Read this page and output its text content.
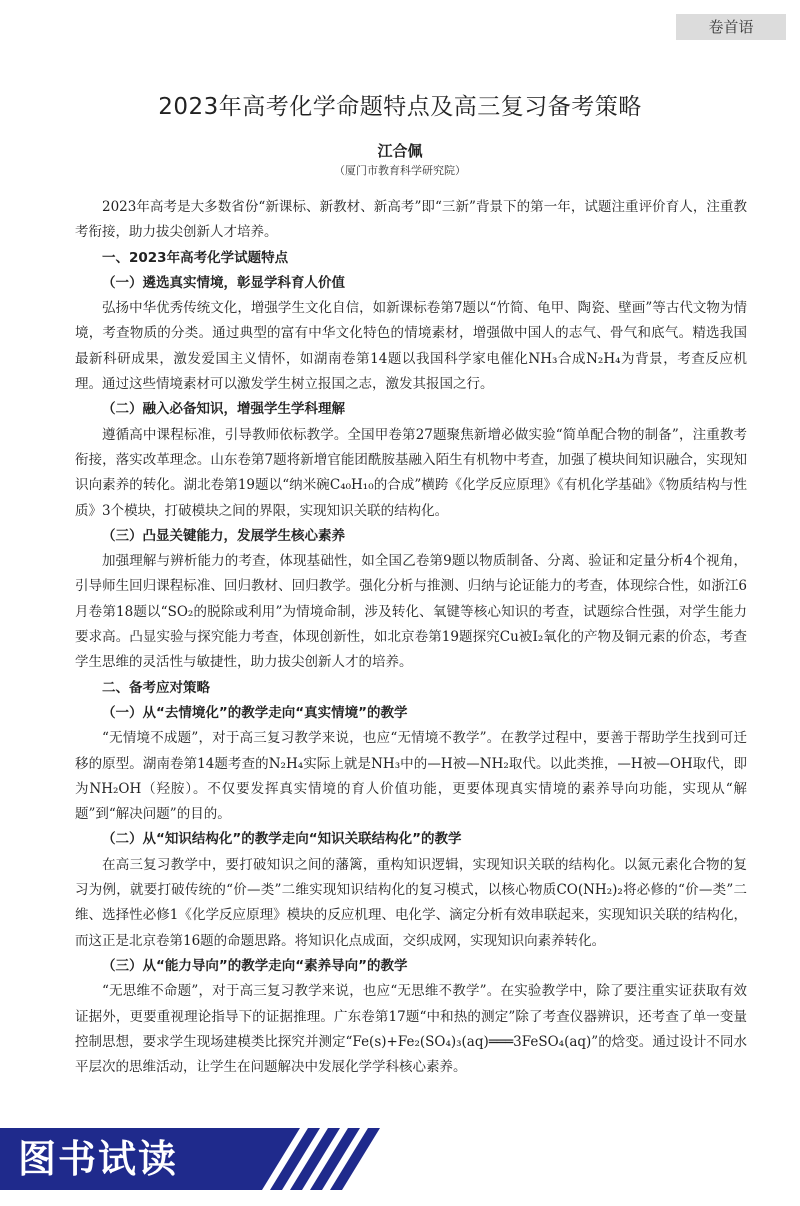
卷首语
2023年高考化学命题特点及高三复习备考策略
江合佩
（厦门市教育科学研究院）

2023年高考是大多数省份“新课标、新教材、新高考”即“三新”背景下的第一年，试题注重评价育人，注重教考衔接，助力拔尖创新人才培养。

一、2023年高考化学试题特点
（一）遴选真实情境，彰显学科育人价值

弘扬中华优秀传统文化，增强学生文化自信，如新课标卷第7题以“竹简、龟甲、陶瓷、壁画”等古代文物为情境，考查物质的分类。通过典型的富有中华文化特色的情境素材，增强做中国人的志气、骨气和底气。精选我国最新科研成果，激发爱国主义情怀，如湖南卷第14题以我国科学家电催化NH₃合成N₂H₄为背景，考查反应机理。通过这些情境素材可以激发学生树立报国之志，激发其报国之行。

（二）融入必备知识，增强学生学科理解

遵循高中课程标准，引导教师依标教学。全国甲卷第27题聚焦新增必做实验“简单配合物的制备”，注重教考衔接，落实改革理念。山东卷第7题将新增官能团酰胺基融入陌生有机物中考查，加强了模块间知识融合，实现知识向素养的转化。湖北卷第19题以“纳米碗C₄₀H₁₀的合成”横跨《化学反应原理》《有机化学基础》《物质结构与性质》3个模块，打破模块之间的界限，实现知识关联的结构化。

（三）凸显关键能力，发展学生核心素养

加强理解与辨析能力的考查，体现基础性，如全国乙卷第9题以物质制备、分离、验证和定量分析4个视角，引导师生回归课程标准、回归教材、回归教学。强化分析与推测、归纳与论证能力的考查，体现综合性，如浙江6月卷第18题以“SO₂的脱除或利用”为情境命制，涉及转化、氧键等核心知识的考查，试题综合性强，对学生能力要求高。凸显实验与探究能力考查，体现创新性，如北京卷第19题探究Cu被I₂氧化的产物及铜元素的价态，考查学生思维的灵活性与敏捷性，助力拔尖创新人才的培养。

二、备考应对策略
（一）从“去情境化”的教学走向“真实情境”的教学

“无情境不成题”，对于高三复习教学来说，也应“无情境不教学”。在教学过程中，要善于帮助学生找到可迁移的原型。湖南卷第14题考查的N₂H₄实际上就是NH₃中的—H被—NH₂取代。以此类推，—H被—OH取代，即为NH₂OH（羟胺）。不仅要发挥真实情境的育人价值功能，更要体现真实情境的素养导向功能，实现从“解题”到“解决问题”的目的。

（二）从“知识结构化”的教学走向“知识关联结构化”的教学

在高三复习教学中，要打破知识之间的藩篱，重构知识逻辑，实现知识关联的结构化。以氮元素化合物的复习为例，就要打破传统的“价—类”二维实现知识结构化的复习模式，以核心物质CO(NH₂)₂将必修的“价—类”二维、选择性必修1《化学反应原理》模块的反应机理、电化学、滴定分析有效串联起来，实现知识关联的结构化，而这正是北京卷第16题的命题思路。将知识化点成面，交织成网，实现知识向素养转化。

（三）从“能力导向”的教学走向“素养导向”的教学

“无思维不命题”，对于高三复习教学来说，也应“无思维不教学”。在实验教学中，除了要注重实证获取有效证据外，更要重视理论指导下的证据推理。广东卷第17题“中和热的测定”除了考查仪器辨识，还考查了单一变量控制思想，要求学生现场建模类比探究并测定“Fe(s)+Fe₂(SO₄)₃(aq)═══3FeSO₄(aq)”的焓变。通过设计不同水平层次的思维活动，让学生在问题解决中发展化学学科核心素养。

图书试读
